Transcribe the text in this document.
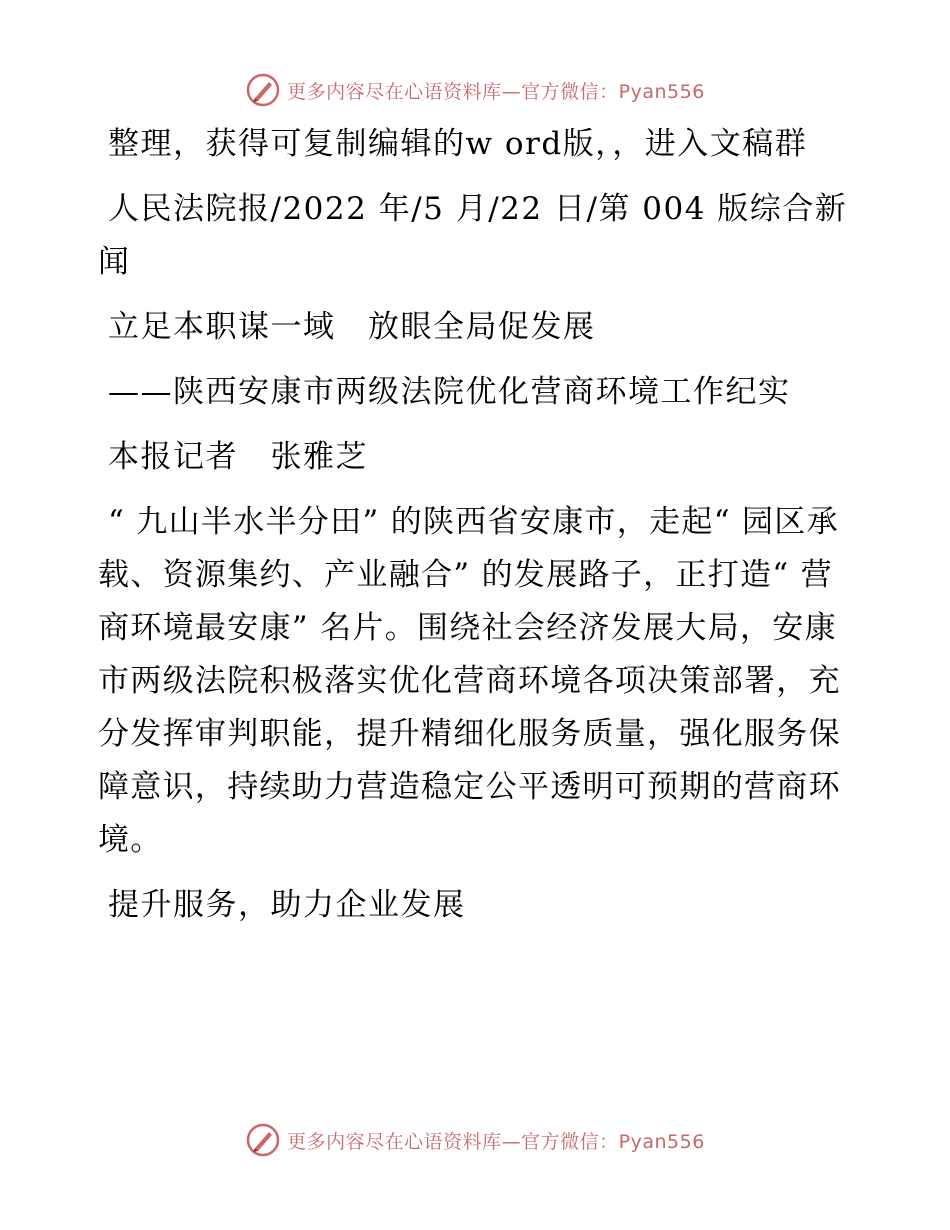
更多内容尽在心语资料库—官方微信：Pyan556

整理，获得可复制编辑的w ord版，，进入文稿群

人民法院报/2022 年/5 月/22 日/第 004 版综合新闻

立足本职谋一域　放眼全局促发展

——陕西安康市两级法院优化营商环境工作纪实

本报记者　张雅芝

“ 九山半水半分田” 的陕西省安康市，走起“ 园区承载、资源集约、产业融合” 的发展路子，正打造“ 营商环境最安康” 名片。围绕社会经济发展大局，安康市两级法院积极落实优化营商环境各项决策部署，充分发挥审判职能，提升精细化服务质量，强化服务保障意识，持续助力营造稳定公平透明可预期的营商环境。

提升服务，助力企业发展

更多内容尽在心语资料库—官方微信：Pyan556
